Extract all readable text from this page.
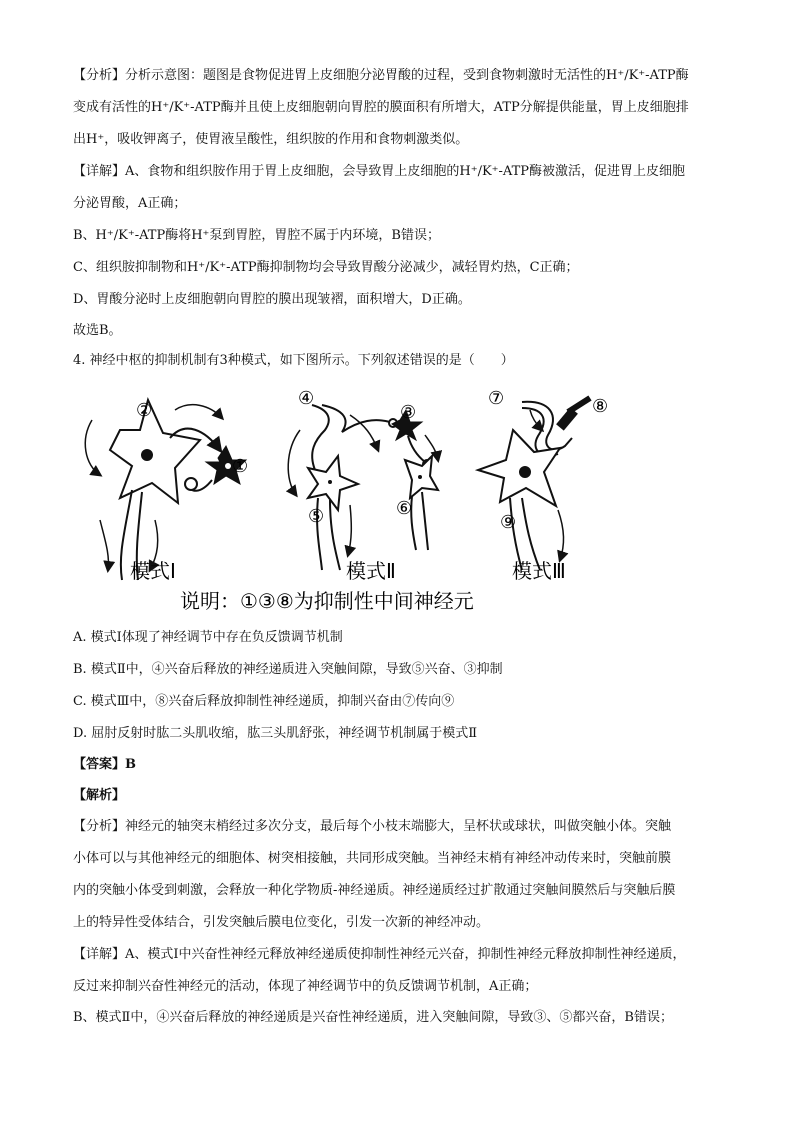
【分析】分析示意图：题图是食物促进胃上皮细胞分泌胃酸的过程，受到食物刺激时无活性的H⁺/K⁺-ATP酶
变成有活性的H⁺/K⁺-ATP酶并且使上皮细胞朝向胃腔的膜面积有所增大，ATP分解提供能量，胃上皮细胞排
出H⁺，吸收钾离子，使胃液呈酸性，组织胺的作用和食物刺激类似。
【详解】A、食物和组织胺作用于胃上皮细胞，会导致胃上皮细胞的H⁺/K⁺-ATP酶被激活，促进胃上皮细胞
分泌胃酸，A正确；
B、H⁺/K⁺-ATP酶将H⁺泵到胃腔，胃腔不属于内环境，B错误；
C、组织胺抑制物和H⁺/K⁺-ATP酶抑制物均会导致胃酸分泌减少，减轻胃灼热，C正确；
D、胃酸分泌时上皮细胞朝向胃腔的膜出现皱褶，面积增大，D正确。
故选B。
4. 神经中枢的抑制机制有3种模式，如下图所示。下列叙述错误的是（　　）
②
①
④
③
⑤	⑥
⑦	⑧
⑨
模式Ⅰ	模式Ⅱ	模式Ⅲ
说明：①③⑧为抑制性中间神经元
A. 模式Ⅰ体现了神经调节中存在负反馈调节机制
B. 模式Ⅱ中，④兴奋后释放的神经递质进入突触间隙，导致⑤兴奋、③抑制
C. 模式Ⅲ中，⑧兴奋后释放抑制性神经递质，抑制兴奋由⑦传向⑨
D. 屈肘反射时肱二头肌收缩，肱三头肌舒张，神经调节机制属于模式Ⅱ
【答案】B
【解析】
【分析】神经元的轴突末梢经过多次分支，最后每个小枝末端膨大，呈杯状或球状，叫做突触小体。突触
小体可以与其他神经元的细胞体、树突相接触，共同形成突触。当神经末梢有神经冲动传来时，突触前膜
内的突触小体受到刺激，会释放一种化学物质-神经递质。神经递质经过扩散通过突触间膜然后与突触后膜
上的特异性受体结合，引发突触后膜电位变化，引发一次新的神经冲动。
【详解】A、模式Ⅰ中兴奋性神经元释放神经递质使抑制性神经元兴奋，抑制性神经元释放抑制性神经递质，
反过来抑制兴奋性神经元的活动，体现了神经调节中的负反馈调节机制，A正确；
B、模式Ⅱ中，④兴奋后释放的神经递质是兴奋性神经递质，进入突触间隙，导致③、⑤都兴奋，B错误；
